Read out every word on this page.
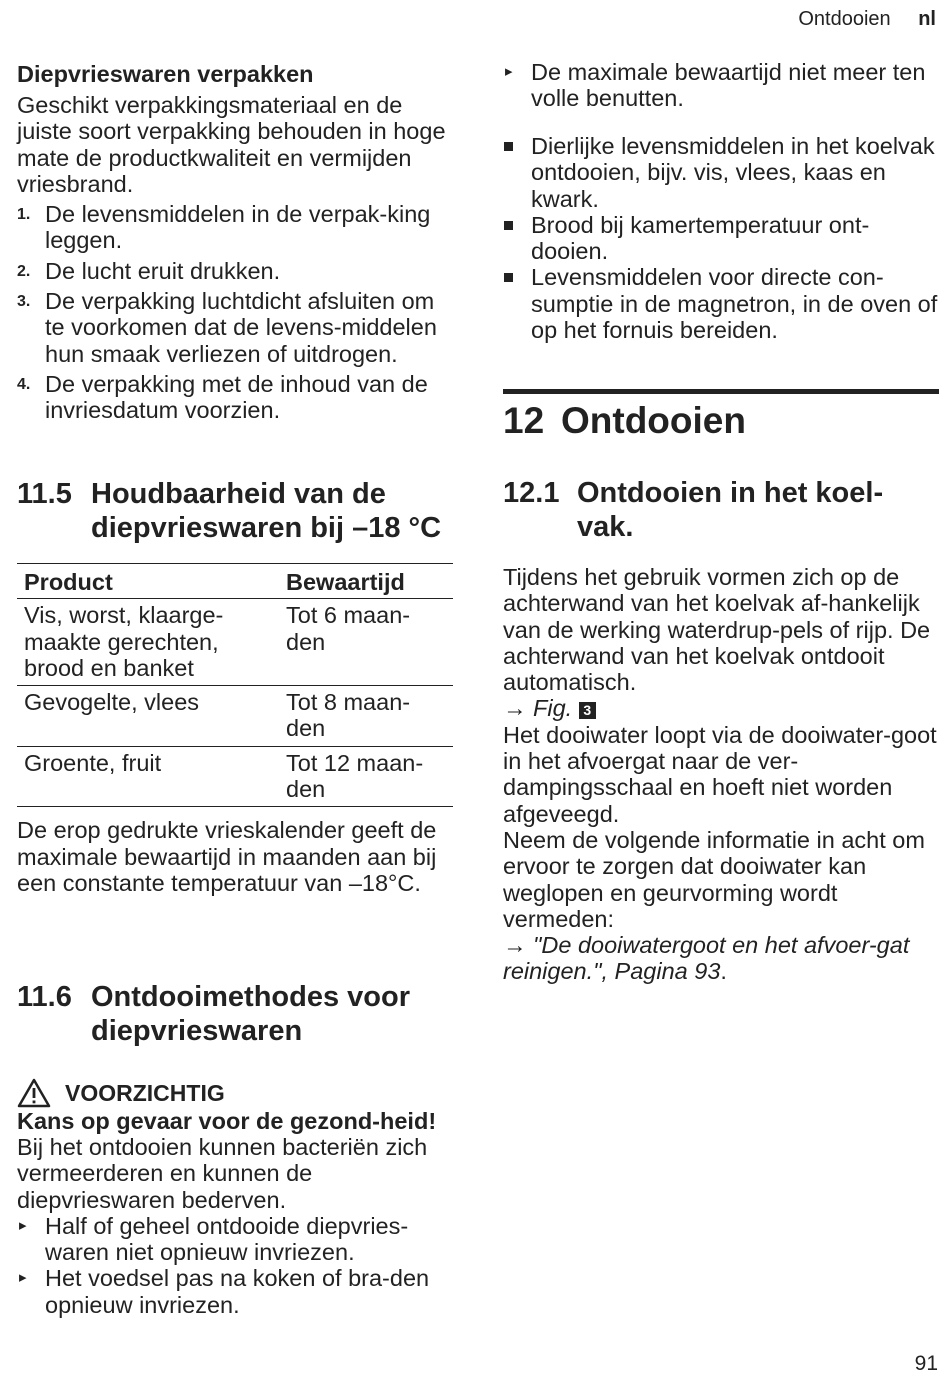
Ontdooien nl
Diepvrieswaren verpakken

Geschikt verpakkingsmateriaal en de juiste soort verpakking behouden in hoge mate de productkwaliteit en vermijden vriesbrand.

1. De levensmiddelen in de verpak-king leggen.
2. De lucht eruit drukken.
3. De verpakking luchtdicht afsluiten om te voorkomen dat de levens-middelen hun smaak verliezen of uitdrogen.
4. De verpakking met de inhoud van de invriesdatum voorzien.
11.5 Houdbaarheid van de diepvrieswaren bij –18 °C
Product	Bewaartijd
Vis, worst, klaarge-maakte gerechten, brood en banket	Tot 6 maan-den
Gevogelte, vlees	Tot 8 maan-den
Groente, fruit	Tot 12 maan-den

De erop gedrukte vrieskalender geeft de maximale bewaartijd in maanden aan bij een constante temperatuur van –18°C.

11.6 Ontdooimethodes voor diepvrieswaren
VOORZICHTIG
Kans op gevaar voor de gezond-heid!

Bij het ontdooien kunnen bacteriën zich vermeerderen en kunnen de diepvrieswaren bederven.

▸ Half of geheel ontdooide diepvries-waren niet opnieuw invriezen.
▸ Het voedsel pas na koken of bra-den opnieuw invriezen.
▸ De maximale bewaartijd niet meer ten volle benutten.
Dierlijke levensmiddelen in het koelvak ontdooien, bijv. vis, vlees, kaas en kwark.
Brood bij kamertemperatuur ont-dooien.
Levensmiddelen voor directe con-sumptie in de magnetron, in de oven of op het fornuis bereiden.
12 Ontdooien
12.1 Ontdooien in het koel-vak.

Tijdens het gebruik vormen zich op de achterwand van het koelvak af-hankelijk van de werking waterdrup-pels of rijp. De achterwand van het koelvak ontdooit automatisch.

→ Fig. 3

Het dooiwater loopt via de dooiwater-goot in het afvoergat naar de ver-dampingsschaal en hoeft niet worden afgeveegd.

Neem de volgende informatie in acht om ervoor te zorgen dat dooiwater kan weglopen en geurvorming wordt vermeden:

→ "De dooiwatergoot en het afvoer-gat reinigen.", Pagina 93.

91
